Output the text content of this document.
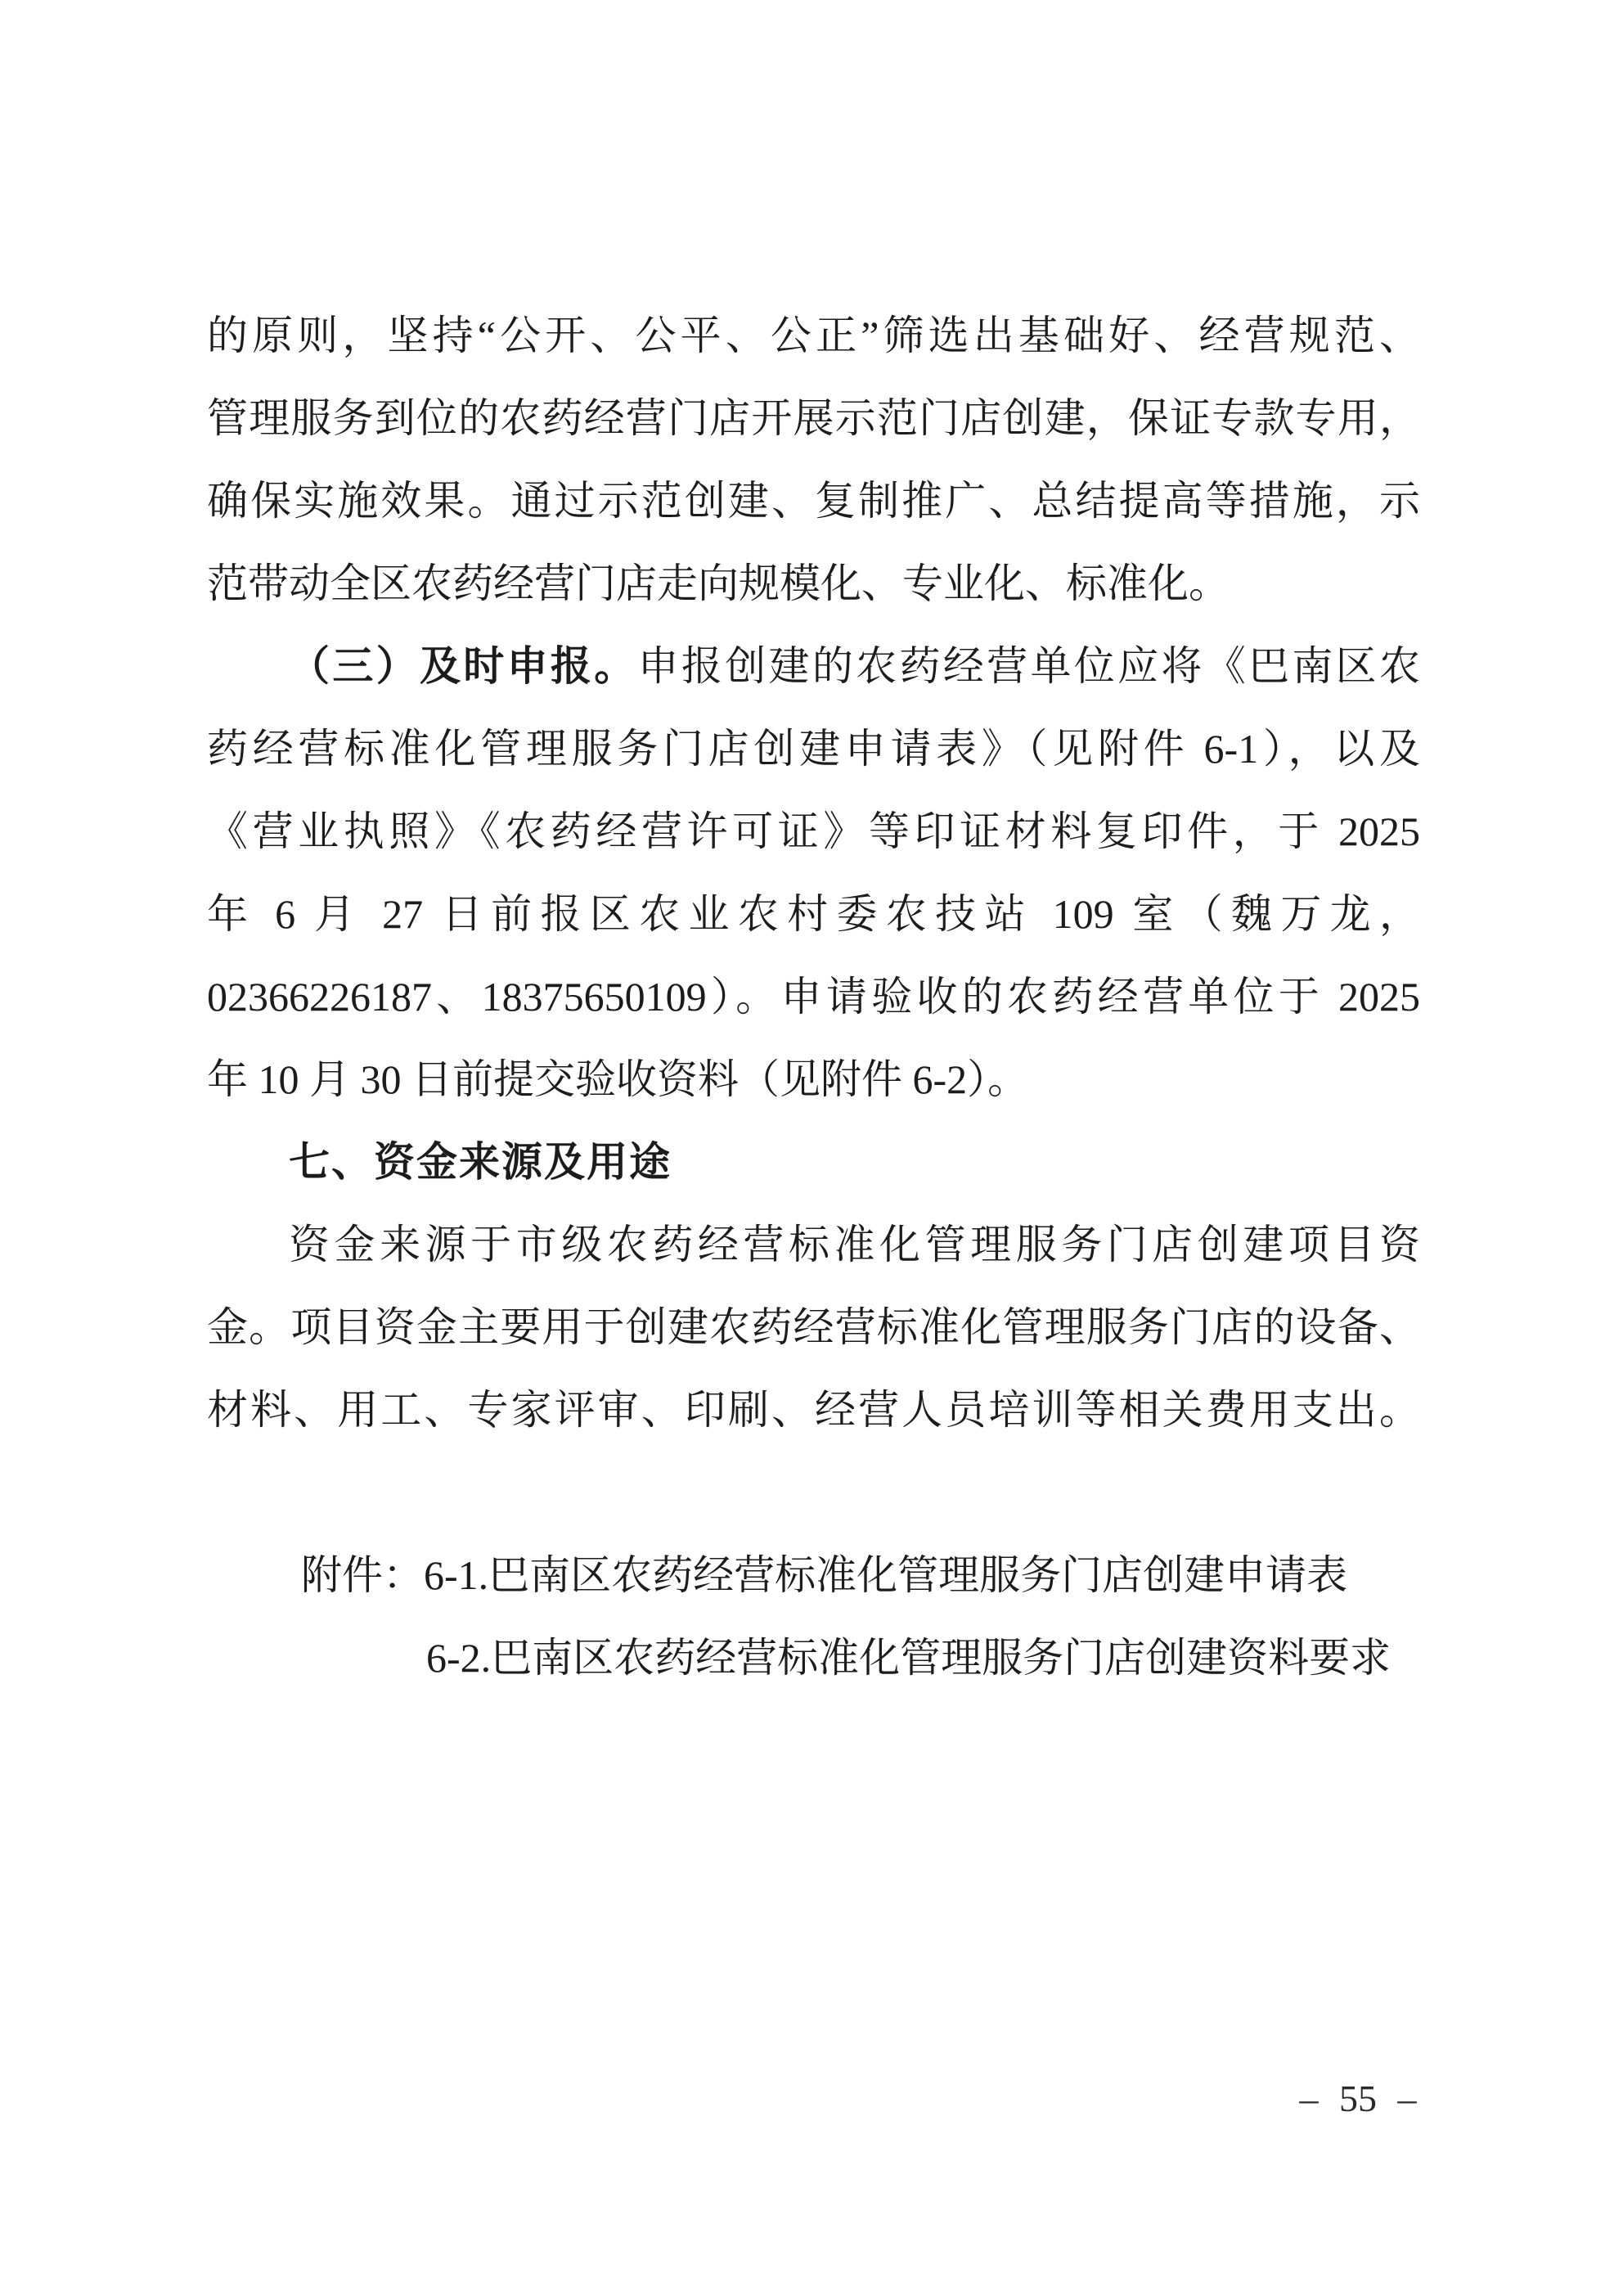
的原则，坚持“公开、公平、公正”筛选出基础好、经营规范、
管理服务到位的农药经营门店开展示范门店创建，保证专款专用，
确保实施效果。通过示范创建、复制推广、总结提高等措施，示
范带动全区农药经营门店走向规模化、专业化、标准化。
（三）及时申报。申报创建的农药经营单位应将《巴南区农
药经营标准化管理服务门店创建申请表》（见附件 6-1），以及
《营业执照》《农药经营许可证》等印证材料复印件，于 2025
年 6 月 27 日前报区农业农村委农技站 109 室（魏万龙，
02366226187、18375650109）。申请验收的农药经营单位于 2025
年 10 月 30 日前提交验收资料（见附件 6-2）。
七、资金来源及用途
资金来源于市级农药经营标准化管理服务门店创建项目资
金。项目资金主要用于创建农药经营标准化管理服务门店的设备、
材料、用工、专家评审、印刷、经营人员培训等相关费用支出。
附件：6-1.巴南区农药经营标准化管理服务门店创建申请表
6-2.巴南区农药经营标准化管理服务门店创建资料要求
– 55 –
